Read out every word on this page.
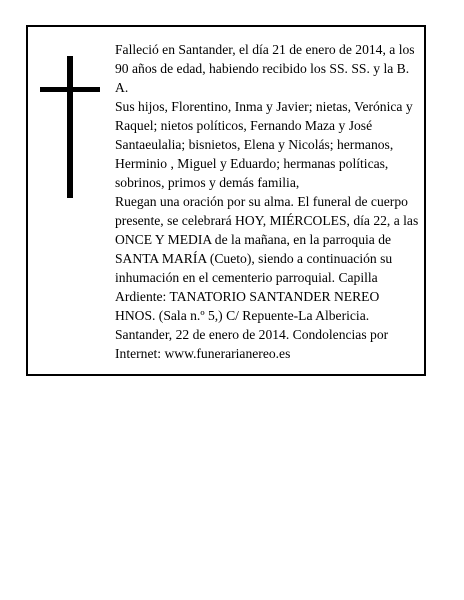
Falleció en Santander, el día 21 de enero de 2014, a los 90 años de edad, habiendo recibido los SS. SS. y la B. A.

Sus hijos, Florentino, Inma y Javier; nietas, Verónica y Raquel; nietos políticos, Fernando Maza y José Santaeulalia; bisnietos, Elena y Nicolás; hermanos, Herminio , Miguel y Eduardo; hermanas políticas, sobrinos, primos y demás familia,

Ruegan una oración por su alma. El funeral de cuerpo presente, se celebrará HOY, MIÉRCOLES, día 22, a las ONCE Y MEDIA de la mañana, en la parroquia de SANTA MARÍA (Cueto), siendo a continuación su inhumación en el cementerio parroquial. Capilla Ardiente: TANATORIO SANTANDER NEREO HNOS. (Sala n.º 5,) C/ Repuente-La Albericia.

Santander, 22 de enero de 2014. Condolencias por Internet: www.funerarianereo.es
